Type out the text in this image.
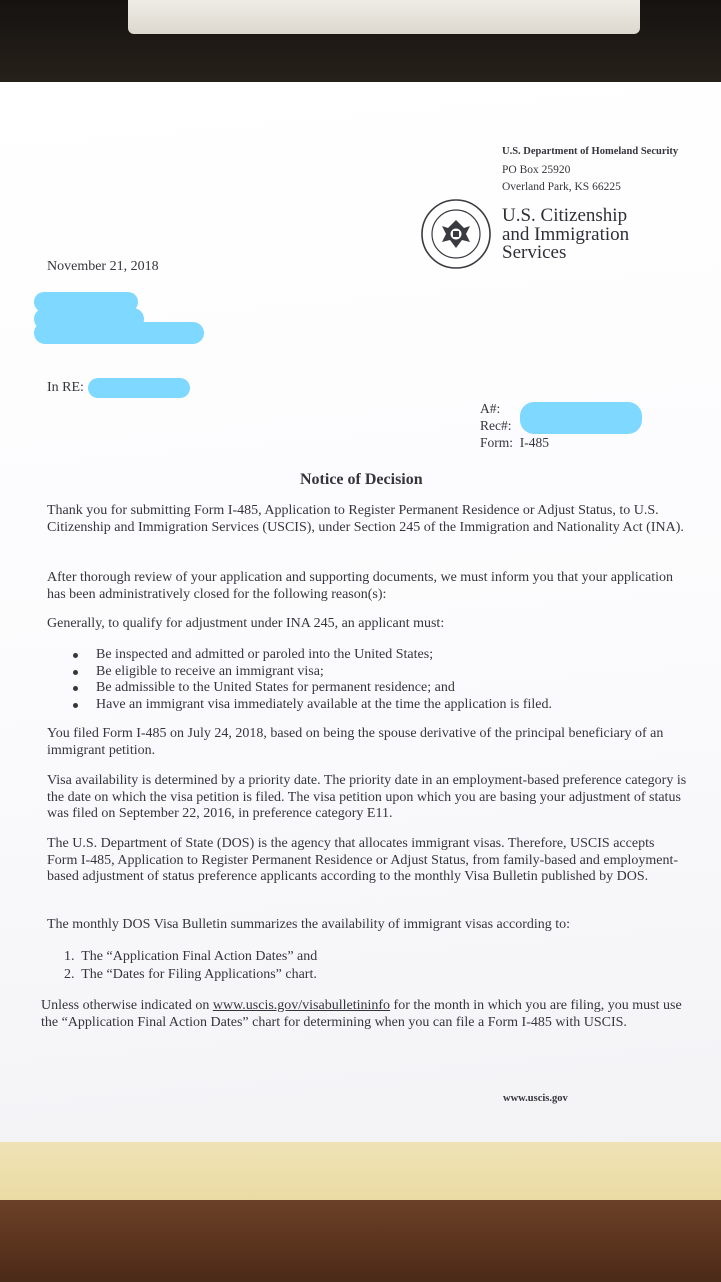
U.S. Department of Homeland Security
PO Box 25920
Overland Park, KS 66225
U.S. Citizenship
and Immigration
Services
November 21, 2018
In RE:
A#:
Rec#:
Form: I-485
Notice of Decision
Thank you for submitting Form I-485, Application to Register Permanent Residence or Adjust Status, to U.S. Citizenship and Immigration Services (USCIS), under Section 245 of the Immigration and Nationality Act (INA).
After thorough review of your application and supporting documents, we must inform you that your application has been administratively closed for the following reason(s):
Generally, to qualify for adjustment under INA 245, an applicant must:
Be inspected and admitted or paroled into the United States;
Be eligible to receive an immigrant visa;
Be admissible to the United States for permanent residence; and
Have an immigrant visa immediately available at the time the application is filed.
You filed Form I-485 on July 24, 2018, based on being the spouse derivative of the principal beneficiary of an immigrant petition.
Visa availability is determined by a priority date. The priority date in an employment-based preference category is the date on which the visa petition is filed. The visa petition upon which you are basing your adjustment of status was filed on September 22, 2016, in preference category E11.
The U.S. Department of State (DOS) is the agency that allocates immigrant visas. Therefore, USCIS accepts Form I-485, Application to Register Permanent Residence or Adjust Status, from family-based and employment-based adjustment of status preference applicants according to the monthly Visa Bulletin published by DOS.
The monthly DOS Visa Bulletin summarizes the availability of immigrant visas according to:
1. The “Application Final Action Dates” and
2. The “Dates for Filing Applications” chart.
Unless otherwise indicated on www.uscis.gov/visabulletininfo for the month in which you are filing, you must use the “Application Final Action Dates” chart for determining when you can file a Form I-485 with USCIS.
www.uscis.gov
